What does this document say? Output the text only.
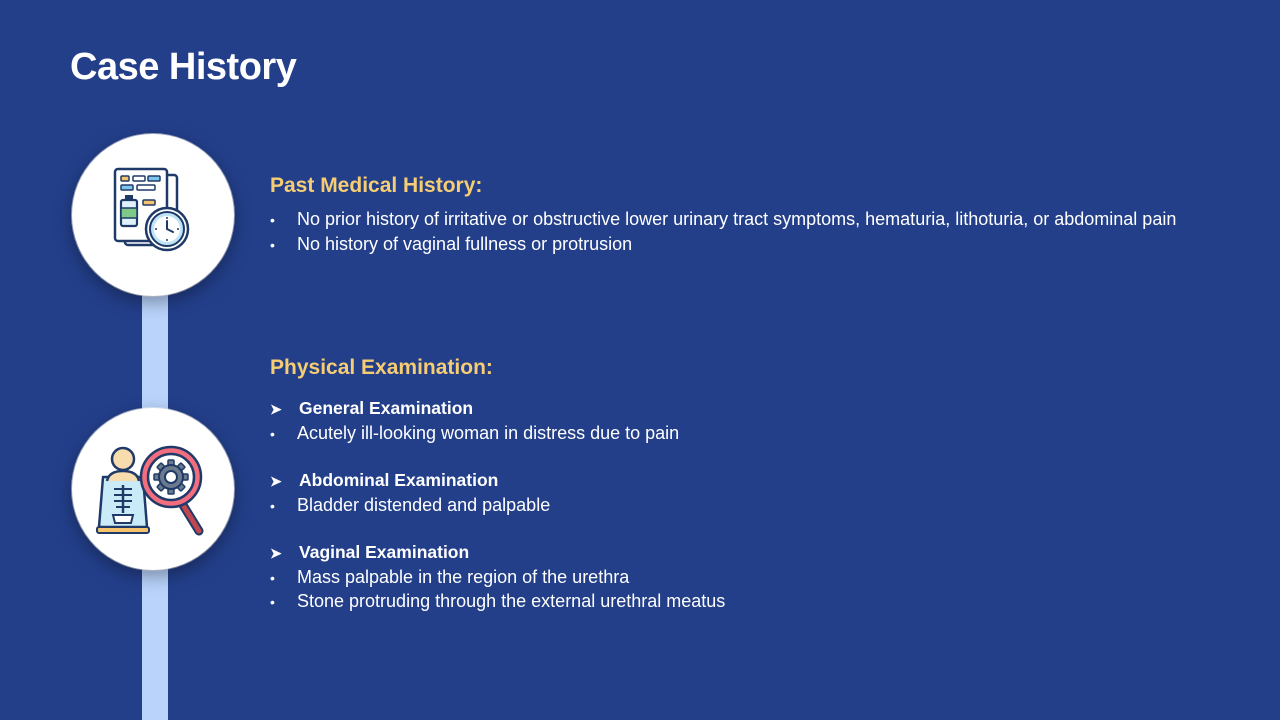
Case History
Past Medical History:
• No prior history of irritative or obstructive lower urinary tract symptoms, hematuria, lithoturia, or abdominal pain
• No history of vaginal fullness or protrusion
Physical Examination:
➤ General Examination
• Acutely ill-looking woman in distress due to pain
➤ Abdominal Examination
• Bladder distended and palpable
➤ Vaginal Examination
• Mass palpable in the region of the urethra
• Stone protruding through the external urethral meatus
